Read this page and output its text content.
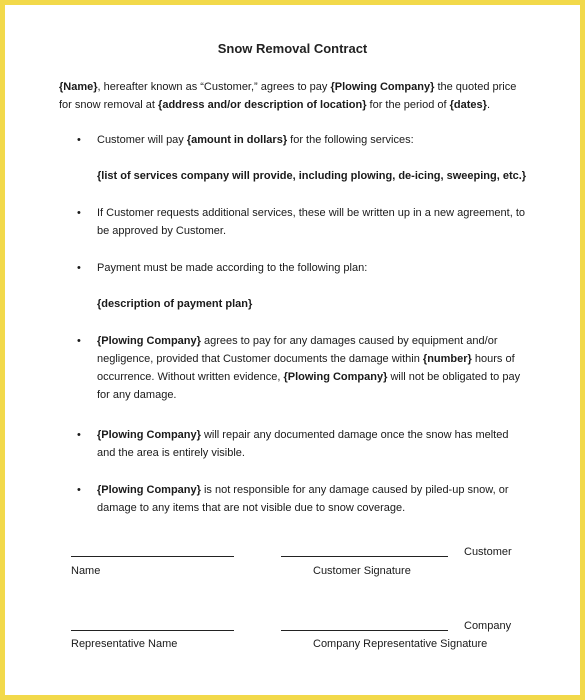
Snow Removal Contract
{Name}, hereafter known as “Customer,” agrees to pay {Plowing Company} the quoted price for snow removal at {address and/or description of location} for the period of {dates}.
• Customer will pay {amount in dollars} for the following services:
{list of services company will provide, including plowing, de-icing, sweeping, etc.}
• If Customer requests additional services, these will be written up in a new agreement, to be approved by Customer.
• Payment must be made according to the following plan:
{description of payment plan}
• {Plowing Company} agrees to pay for any damages caused by equipment and/or negligence, provided that Customer documents the damage within {number} hours of occurrence. Without written evidence, {Plowing Company} will not be obligated to pay for any damage.
• {Plowing Company} will repair any documented damage once the snow has melted and the area is entirely visible.
• {Plowing Company} is not responsible for any damage caused by piled-up snow, or damage to any items that are not visible due to snow coverage.
Customer
Name	Customer Signature
Company
Representative Name	Company Representative Signature
